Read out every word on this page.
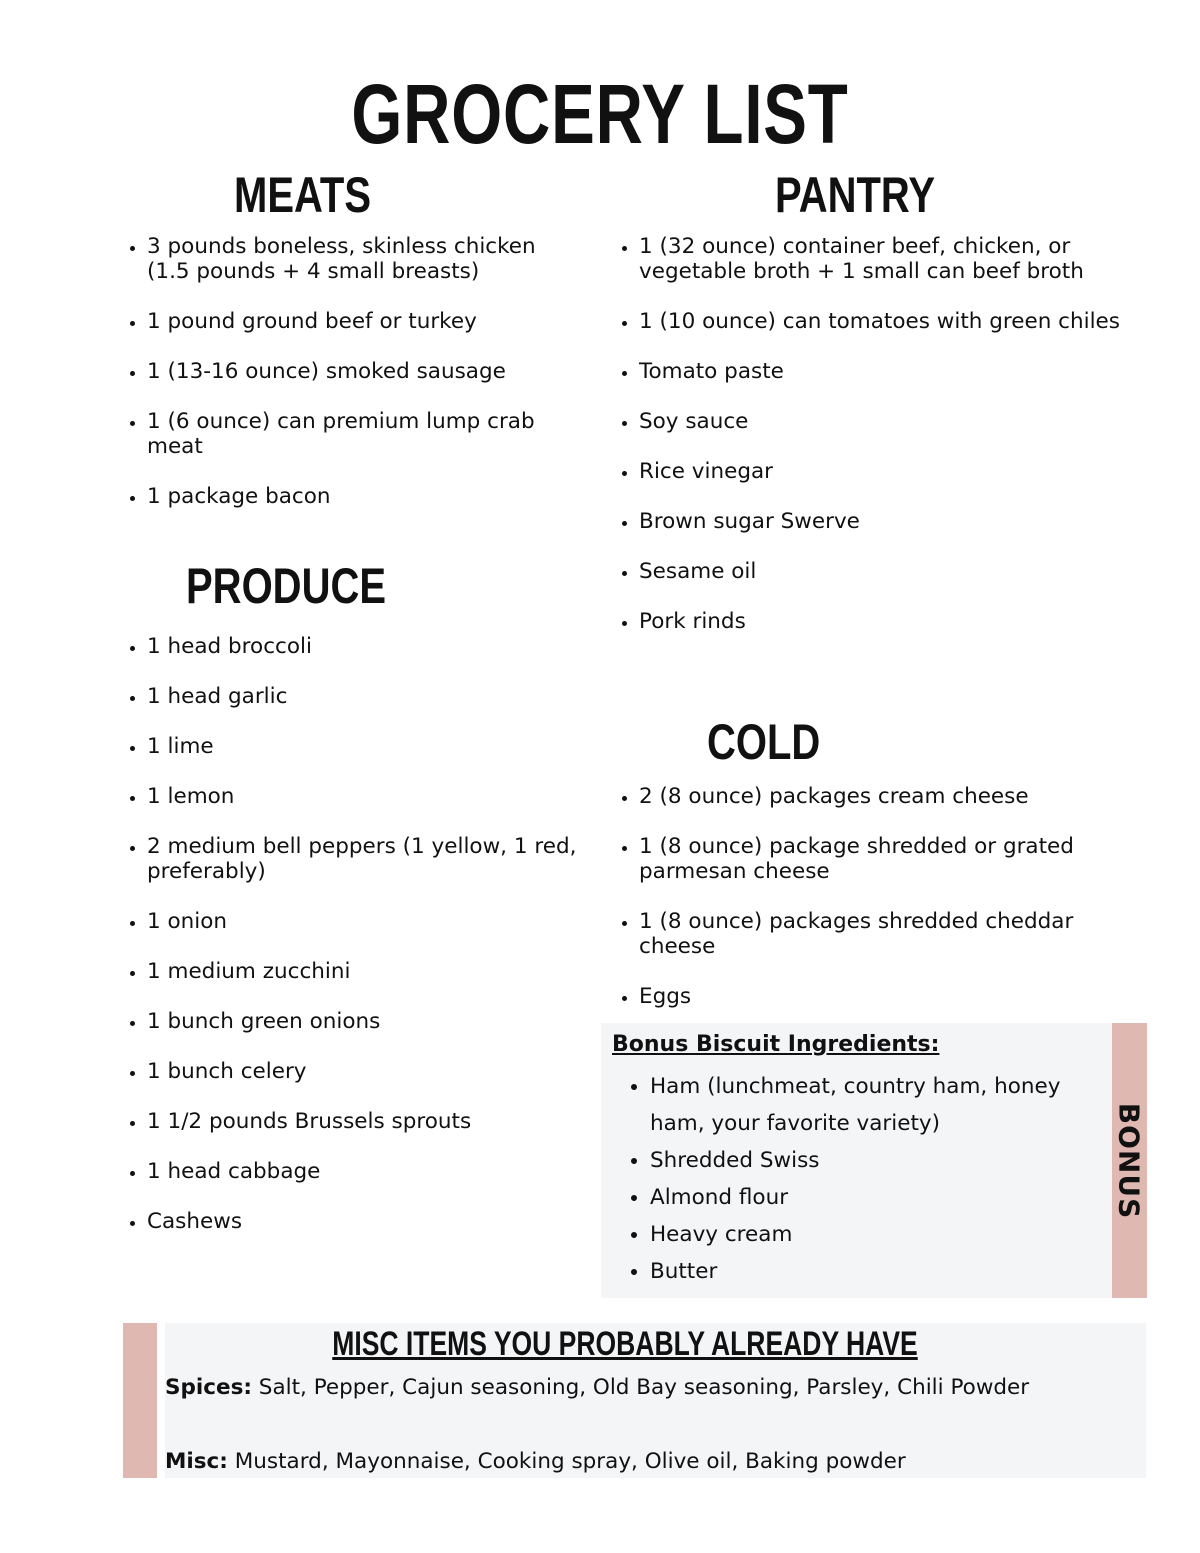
GROCERY LIST
MEATS
• 3 pounds boneless, skinless chicken (1.5 pounds + 4 small breasts)
• 1 pound ground beef or turkey
• 1 (13-16 ounce) smoked sausage
• 1 (6 ounce) can premium lump crab meat
• 1 package bacon
PRODUCE
• 1 head broccoli
• 1 head garlic
• 1 lime
• 1 lemon
• 2 medium bell peppers (1 yellow, 1 red, preferably)
• 1 onion
• 1 medium zucchini
• 1 bunch green onions
• 1 bunch celery
• 1 1/2 pounds Brussels sprouts
• 1 head cabbage
• Cashews
PANTRY
• 1 (32 ounce) container beef, chicken, or vegetable broth + 1 small can beef broth
• 1 (10 ounce) can tomatoes with green chiles
• Tomato paste
• Soy sauce
• Rice vinegar
• Brown sugar Swerve
• Sesame oil
• Pork rinds
COLD
• 2 (8 ounce) packages cream cheese
• 1 (8 ounce) package shredded or grated parmesan cheese
• 1 (8 ounce) packages shredded cheddar cheese
• Eggs
BONUS
Bonus Biscuit Ingredients:
• Ham (lunchmeat, country ham, honey ham, your favorite variety)
• Shredded Swiss
• Almond flour
• Heavy cream
• Butter
MISC ITEMS YOU PROBABLY ALREADY HAVE
Spices: Salt, Pepper, Cajun seasoning, Old Bay seasoning, Parsley, Chili Powder
Misc: Mustard, Mayonnaise, Cooking spray, Olive oil, Baking powder
